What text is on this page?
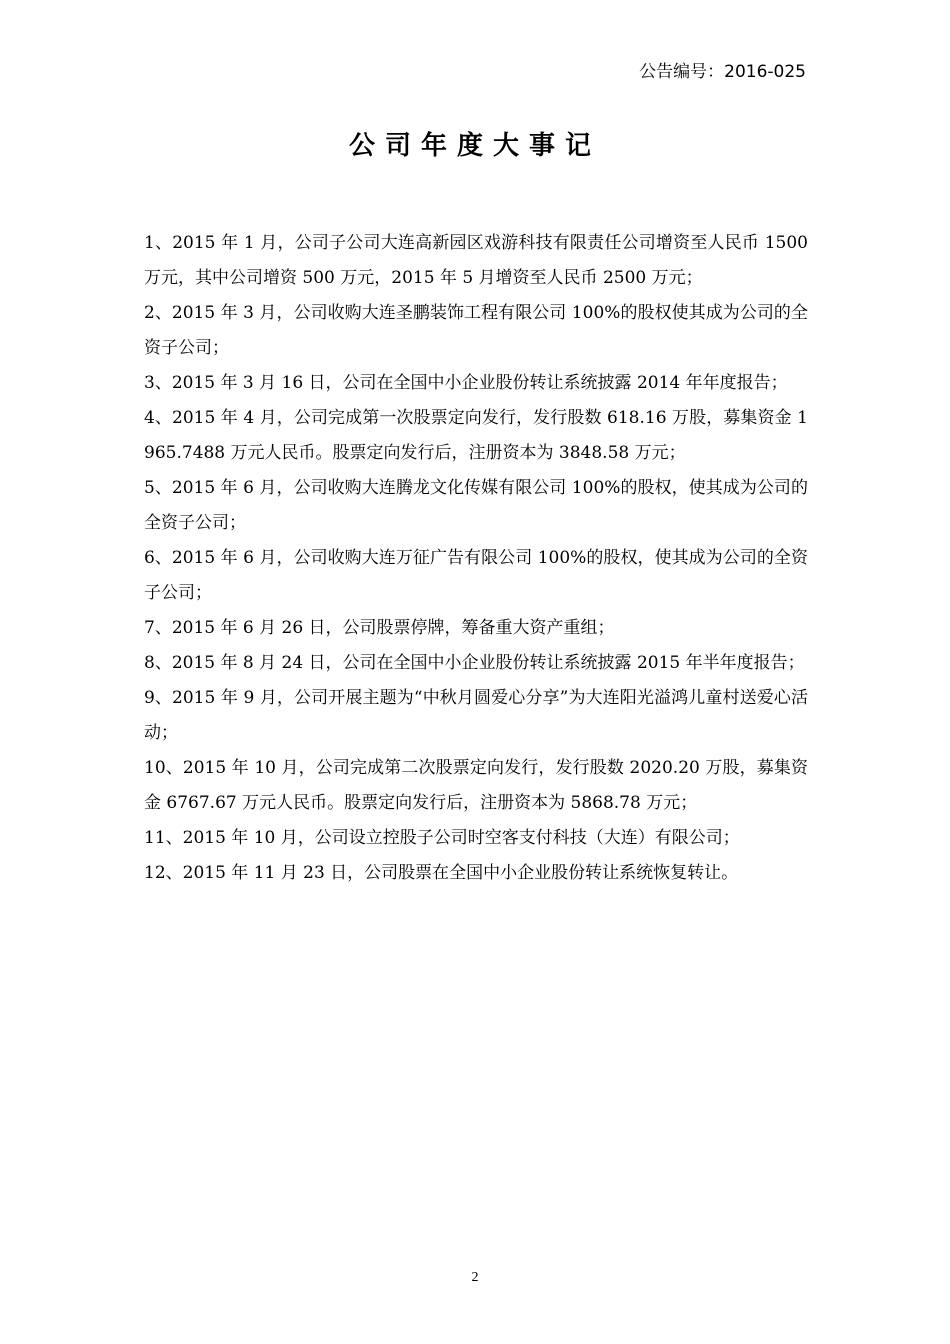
公告编号：2016-025
公司年度大事记
1、2015 年 1 月，公司子公司大连高新园区戏游科技有限责任公司增资至人民币 1500 万元，其中公司增资 500 万元，2015 年 5 月增资至人民币 2500 万元；
2、2015 年 3 月，公司收购大连圣鹏装饰工程有限公司 100%的股权使其成为公司的全资子公司；
3、2015 年 3 月 16 日，公司在全国中小企业股份转让系统披露 2014 年年度报告；
4、2015 年 4 月，公司完成第一次股票定向发行，发行股数 618.16 万股，募集资金 1965.7488 万元人民币。股票定向发行后，注册资本为 3848.58 万元；
5、2015 年 6 月，公司收购大连腾龙文化传媒有限公司 100%的股权，使其成为公司的全资子公司；
6、2015 年 6 月，公司收购大连万征广告有限公司 100%的股权，使其成为公司的全资子公司；
7、2015 年 6 月 26 日，公司股票停牌，筹备重大资产重组；
8、2015 年 8 月 24 日，公司在全国中小企业股份转让系统披露 2015 年半年度报告；
9、2015 年 9 月，公司开展主题为“中秋月圆爱心分享”为大连阳光溢鸿儿童村送爱心活动；
10、2015 年 10 月，公司完成第二次股票定向发行，发行股数 2020.20 万股，募集资金 6767.67 万元人民币。股票定向发行后，注册资本为 5868.78 万元；
11、2015 年 10 月，公司设立控股子公司时空客支付科技（大连）有限公司；
12、2015 年 11 月 23 日，公司股票在全国中小企业股份转让系统恢复转让。
2
